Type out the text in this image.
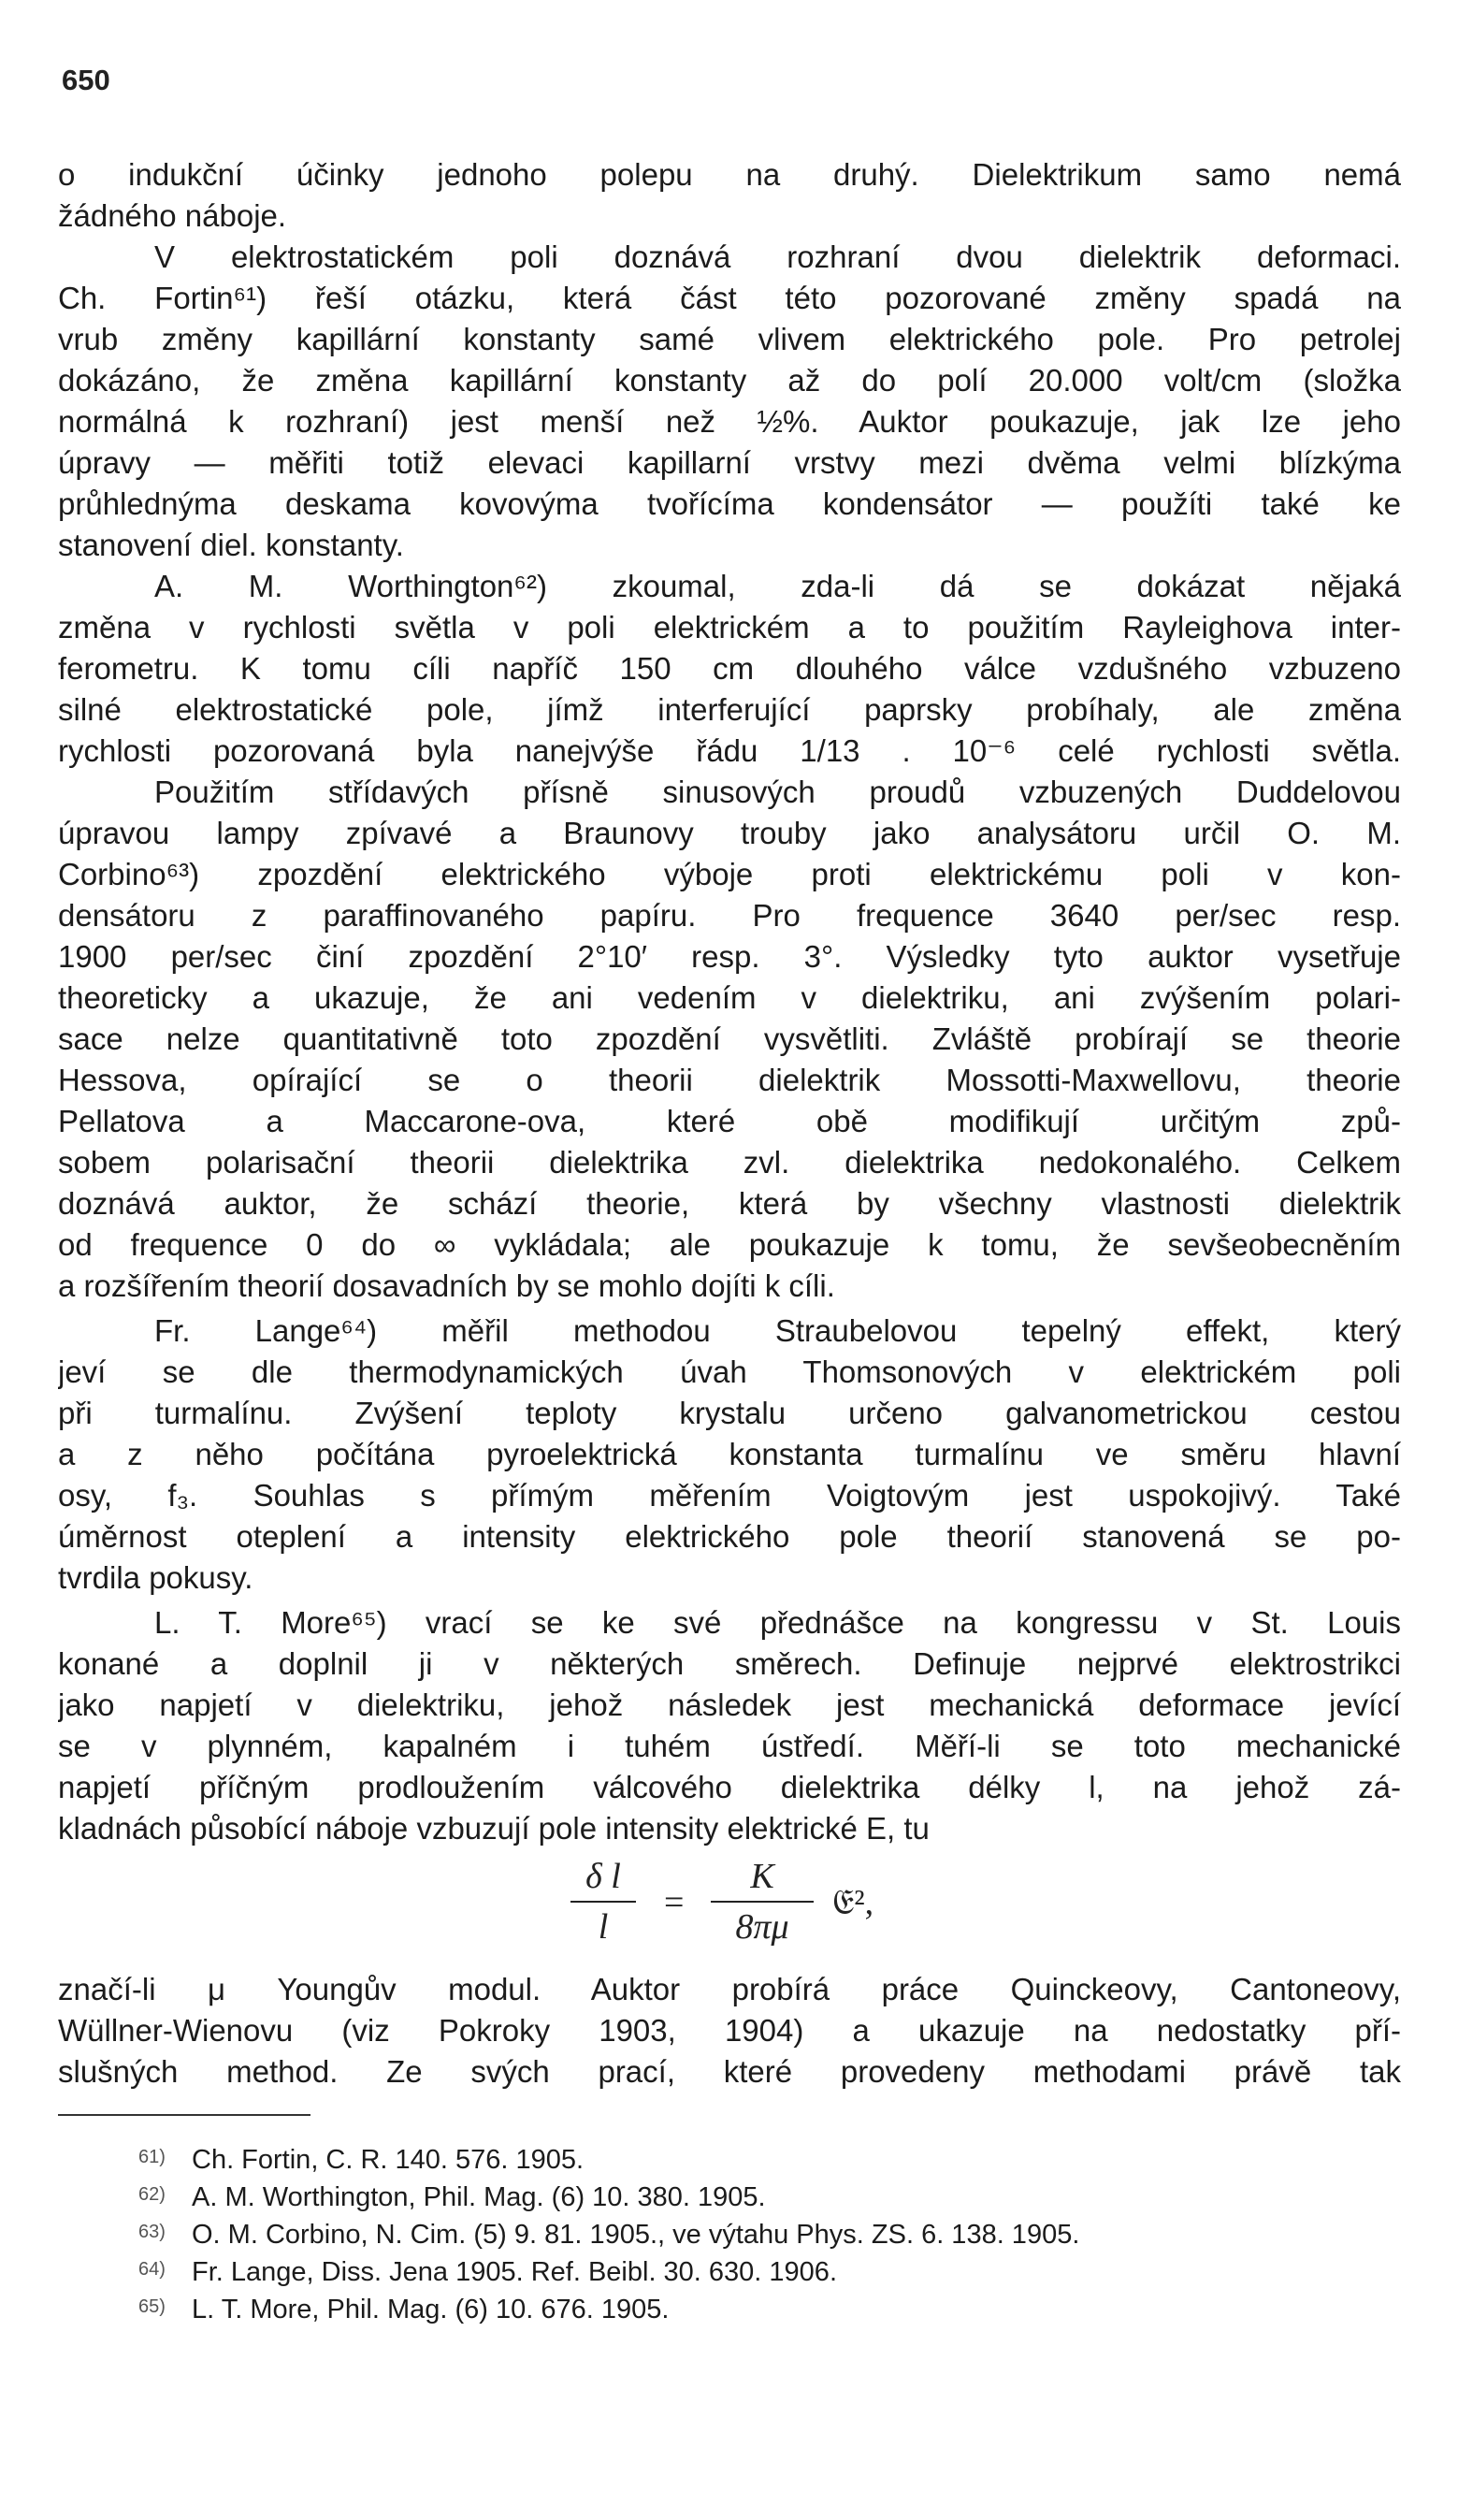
650
o indukční účinky jednoho polepu na druhý. Dielektrikum samo nemá
žádného náboje.
V elektrostatickém poli doznává rozhraní dvou dielektrik deformaci.
Ch. Fortin⁶¹) řeší otázku, která část této pozorované změny spadá na
vrub změny kapillární konstanty samé vlivem elektrického pole. Pro petrolej
dokázáno, že změna kapillární konstanty až do polí 20.000 volt/cm (složka
normálná k rozhraní) jest menší než ½%. Auktor poukazuje, jak lze jeho
úpravy — měřiti totiž elevaci kapillarní vrstvy mezi dvěma velmi blízkýma
průhlednýma deskama kovovýma tvořícíma kondensátor — použíti také ke
stanovení diel. konstanty.
A. M. Worthington⁶²) zkoumal, zda-li dá se dokázat nějaká
změna v rychlosti světla v poli elektrickém a to použitím Rayleighova inter-
ferometru. K tomu cíli napříč 150 cm dlouhého válce vzdušného vzbuzeno
silné elektrostatické pole, jímž interferující paprsky probíhaly, ale změna
rychlosti pozorovaná byla nanejvýše řádu 1/13 . 10⁻⁶ celé rychlosti světla.
Použitím střídavých přísně sinusových proudů vzbuzených Duddelovou
úpravou lampy zpívavé a Braunovy trouby jako analysátoru určil O. M.
Corbino⁶³) zpozdění elektrického výboje proti elektrickému poli v kon-
densátoru z paraffinovaného papíru. Pro frequence 3640 per/sec resp.
1900 per/sec činí zpozdění 2°10′ resp. 3°. Výsledky tyto auktor vysetřuje
theoreticky a ukazuje, že ani vedením v dielektriku, ani zvýšením polari-
sace nelze quantitativně toto zpozdění vysvětliti. Zvláště probírají se theorie
Hessova, opírající se o theorii dielektrik Mossotti-Maxwellovu, theorie
Pellatova a Maccarone-ova, které obě modifikují určitým způ-
sobem polarisační theorii dielektrika zvl. dielektrika nedokonalého. Celkem
doznává auktor, že schází theorie, která by všechny vlastnosti dielektrik
od frequence 0 do ∞ vykládala; ale poukazuje k tomu, že sevšeobecněním
a rozšířením theorií dosavadních by se mohlo dojíti k cíli.
Fr. Lange⁶⁴) měřil methodou Straubelovou tepelný effekt, který
jeví se dle thermodynamických úvah Thomsonových v elektrickém poli
při turmalínu. Zvýšení teploty krystalu určeno galvanometrickou cestou
a z něho počítána pyroelektrická konstanta turmalínu ve směru hlavní
osy, f₃. Souhlas s přímým měřením Voigtovým jest uspokojivý. Také
úměrnost oteplení a intensity elektrického pole theorií stanovená se po-
tvrdila pokusy.
L. T. More⁶⁵) vrací se ke své přednášce na kongressu v St. Louis
konané a doplnil ji v některých směrech. Definuje nejprvé elektrostrikci
jako napjetí v dielektriku, jehož následek jest mechanická deformace jevící
se v plynném, kapalném i tuhém ústředí. Měří-li se toto mechanické
napjetí příčným prodloužením válcového dielektrika délky l, na jehož zá-
kladnách působící náboje vzbuzují pole intensity elektrické E, tu
značí-li μ Youngův modul. Auktor probírá práce Quinckeovy, Cantoneovy,
Wüllner-Wienovu (viz Pokroky 1903, 1904) a ukazuje na nedostatky pří-
slušných method. Ze svých prací, které provedeny methodami právě tak
$\frac{\text{δ l}}{l} = \frac{K}{8\pi\mu}$ 𝔈²,
61) Ch. Fortin, C. R. 140. 576. 1905.
62) A. M. Worthington, Phil. Mag. (6) 10. 380. 1905.
63) O. M. Corbino, N. Cim. (5) 9. 81. 1905., ve výtahu Phys. ZS. 6. 138. 1905.
64) Fr. Lange, Diss. Jena 1905. Ref. Beibl. 30. 630. 1906.
65) L. T. More, Phil. Mag. (6) 10. 676. 1905.
